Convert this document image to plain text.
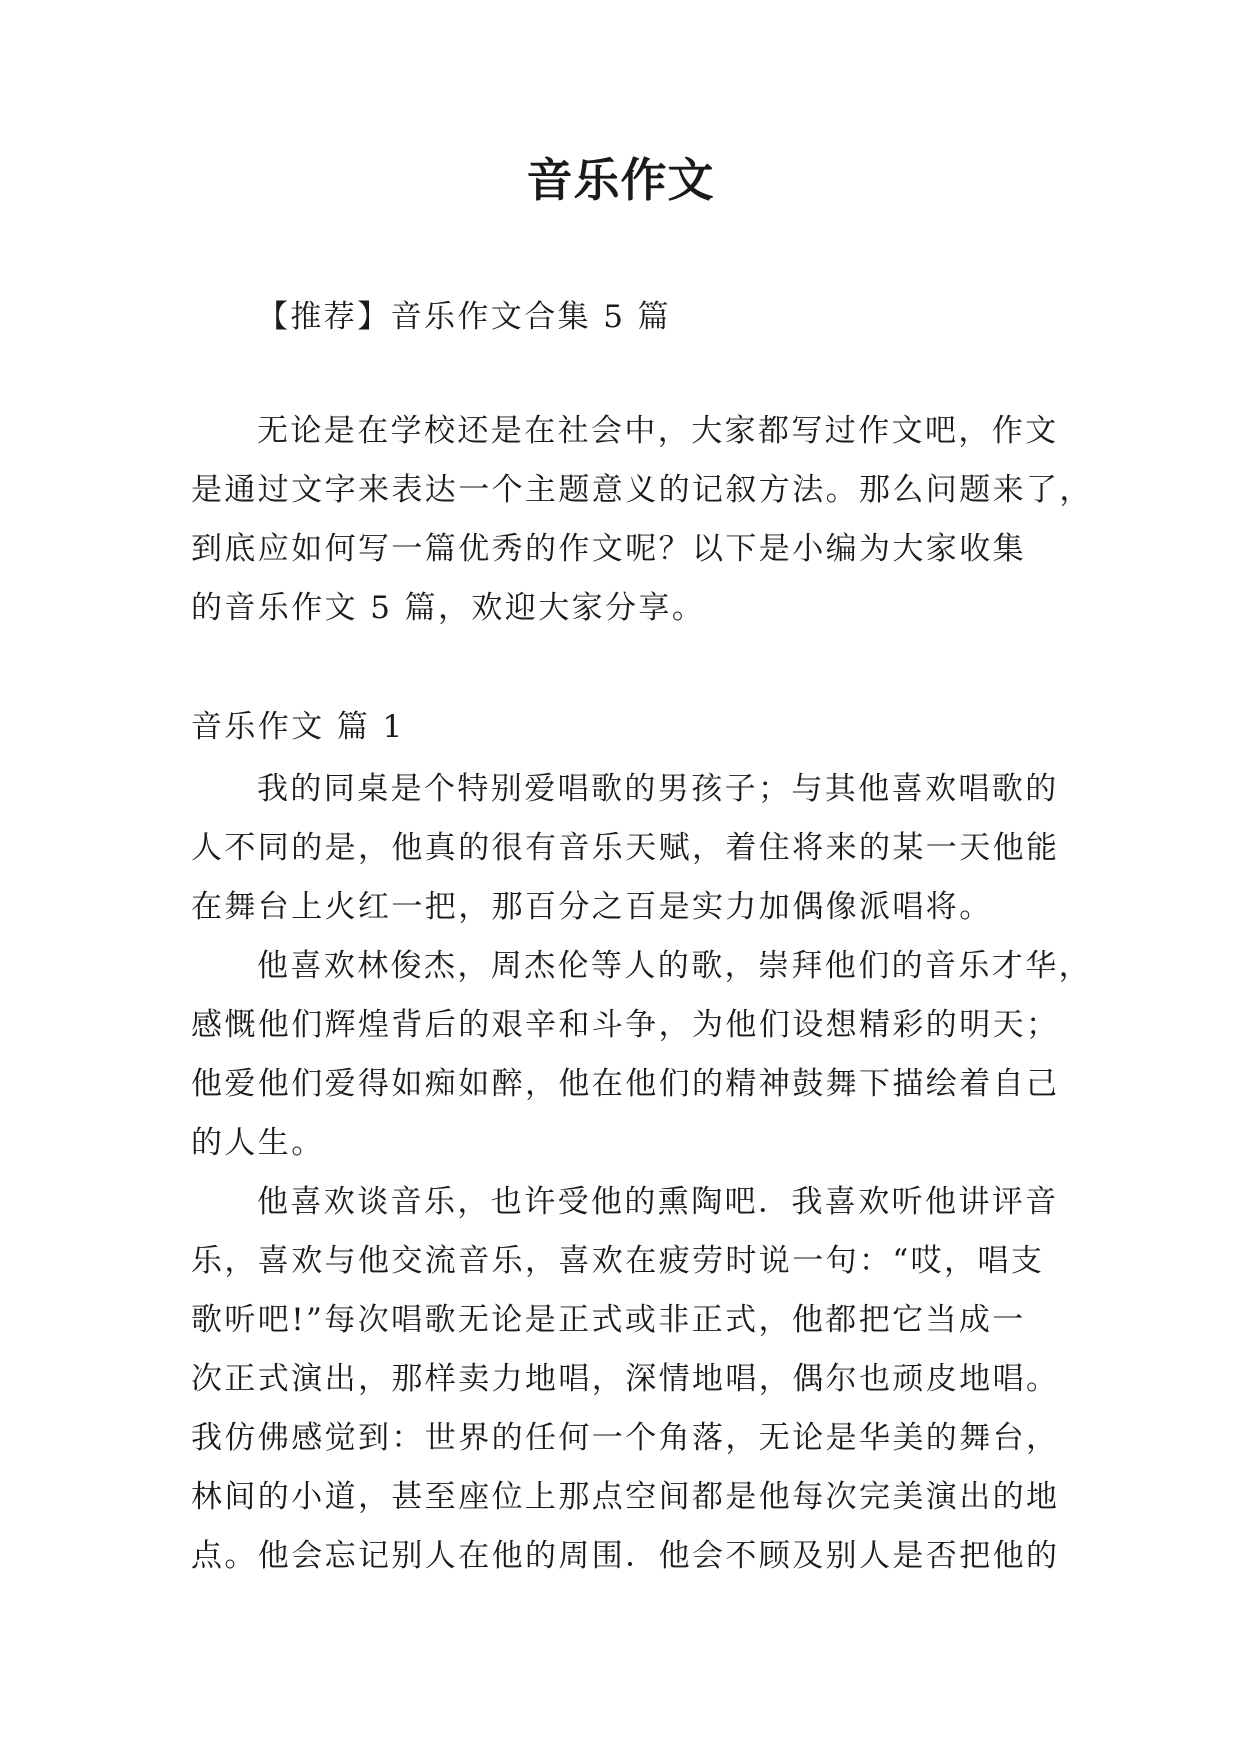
音乐作文
【推荐】音乐作文合集 5 篇
无论是在学校还是在社会中，大家都写过作文吧，作文
是通过文字来表达一个主题意义的记叙方法。那么问题来了，
到底应如何写一篇优秀的作文呢？以下是小编为大家收集
的音乐作文 5 篇，欢迎大家分享。
音乐作文 篇 1
我的同桌是个特别爱唱歌的男孩子；与其他喜欢唱歌的
人不同的是，他真的很有音乐天赋，着住将来的某一天他能
在舞台上火红一把，那百分之百是实力加偶像派唱将。
他喜欢林俊杰，周杰伦等人的歌，崇拜他们的音乐才华，
感慨他们辉煌背后的艰辛和斗争，为他们设想精彩的明天；
他爱他们爱得如痴如醉，他在他们的精神鼓舞下描绘着自己
的人生。
他喜欢谈音乐，也许受他的熏陶吧．我喜欢听他讲评音
乐，喜欢与他交流音乐，喜欢在疲劳时说一句：“哎，唱支
歌听吧!”每次唱歌无论是正式或非正式，他都把它当成一
次正式演出，那样卖力地唱，深情地唱，偶尔也顽皮地唱。
我仿佛感觉到：世界的任何一个角落，无论是华美的舞台，
林间的小道，甚至座位上那点空间都是他每次完美演出的地
点。他会忘记别人在他的周围．他会不顾及别人是否把他的
